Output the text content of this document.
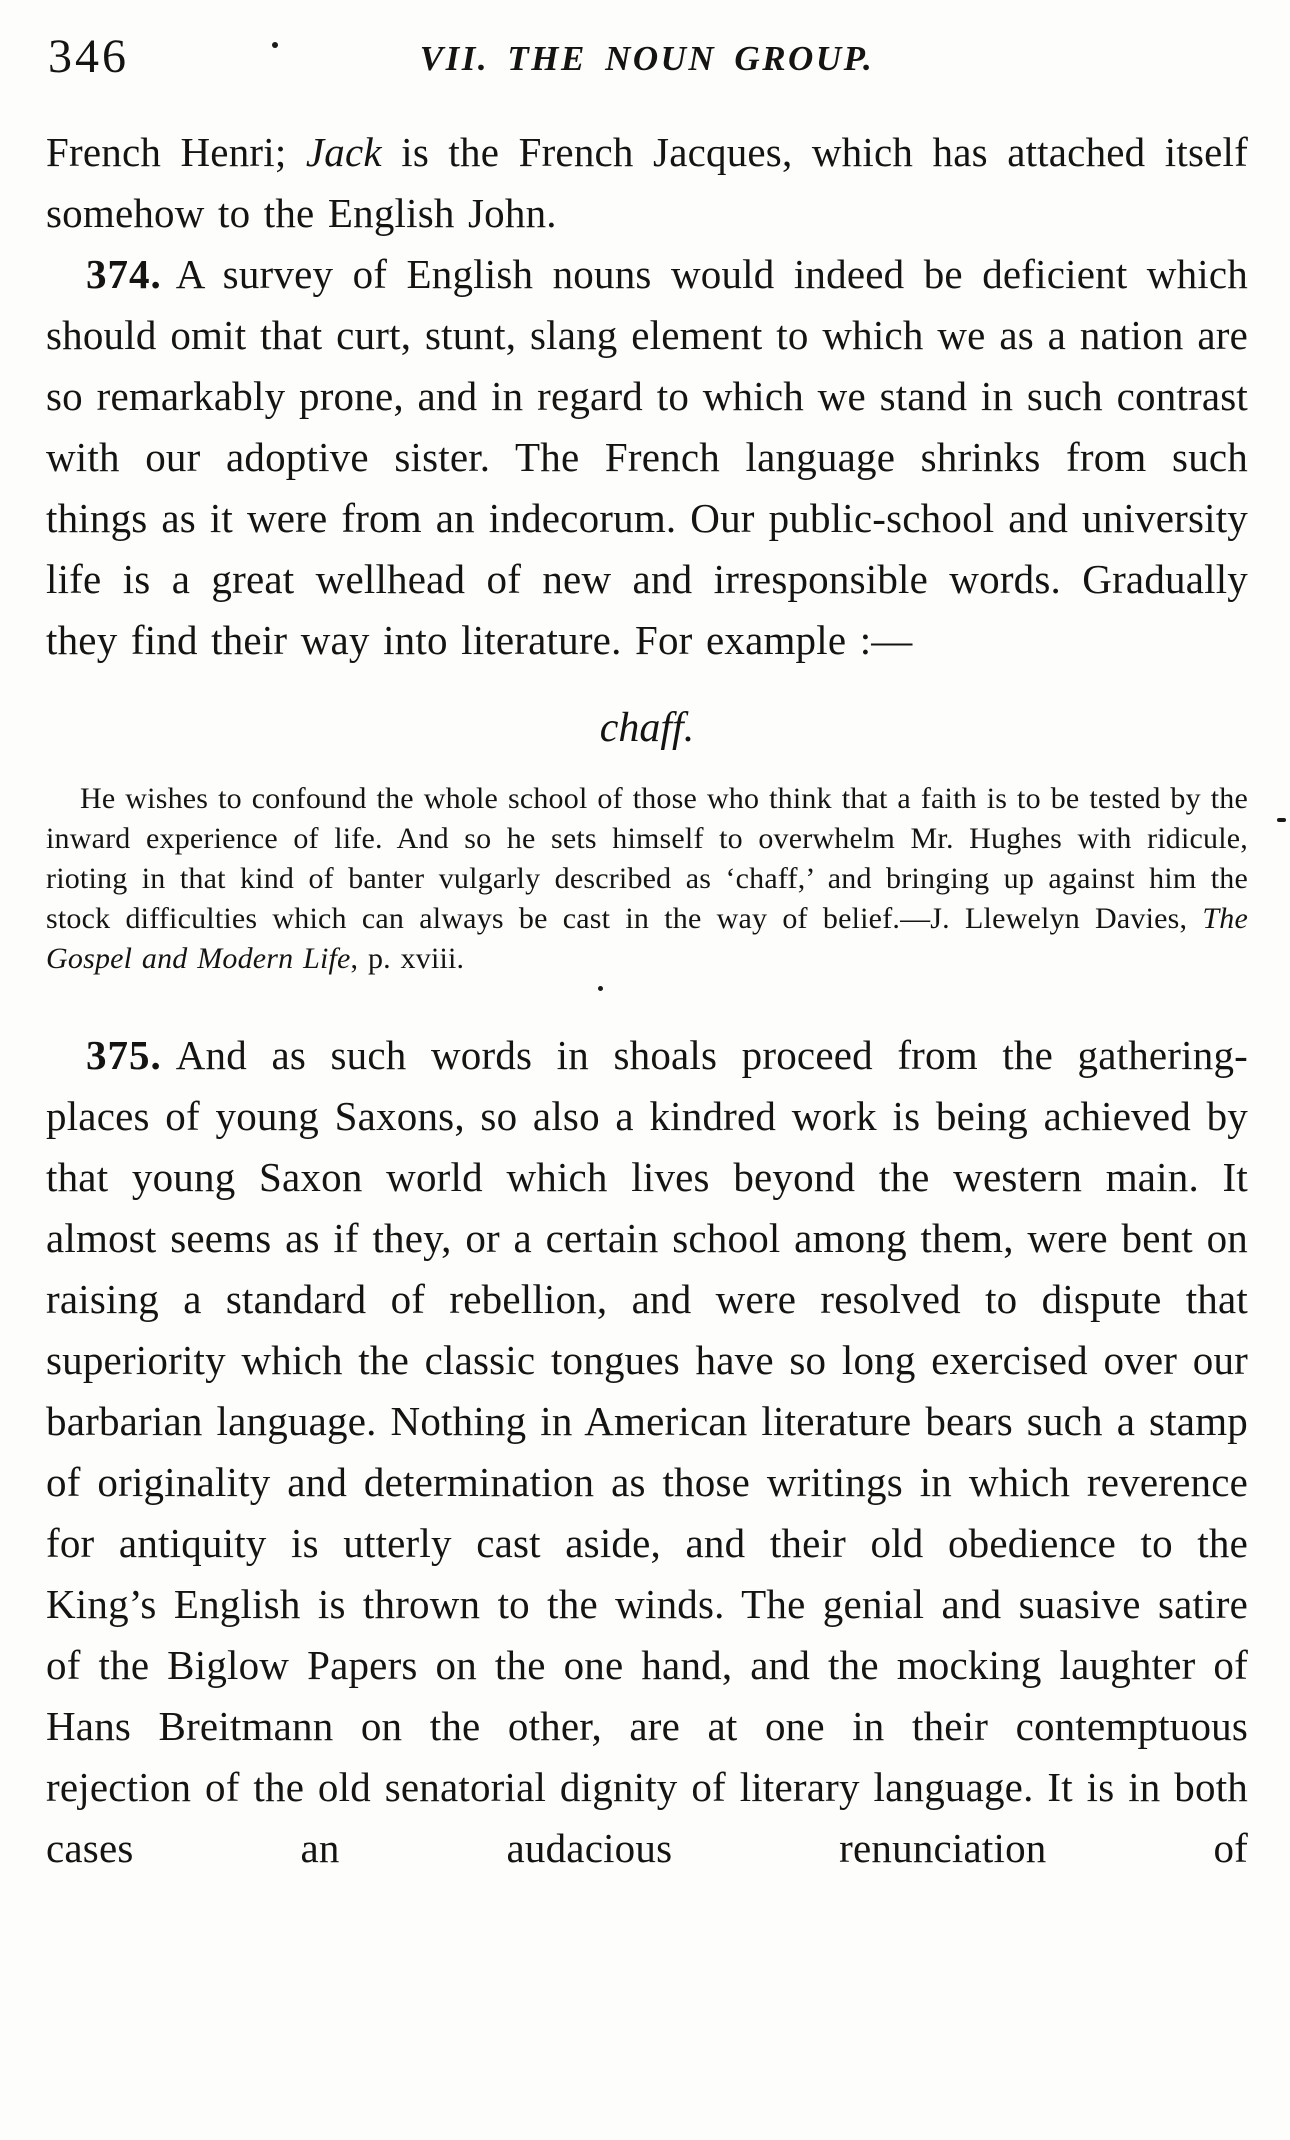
346	VII. THE NOUN GROUP.

French Henri; Jack is the French Jacques, which has attached itself somehow to the English John.

374. A survey of English nouns would indeed be deficient which should omit that curt, stunt, slang element to which we as a nation are so remarkably prone, and in regard to which we stand in such contrast with our adoptive sister. The French language shrinks from such things as it were from an indecorum. Our public-school and university life is a great wellhead of new and irresponsible words. Gradually they find their way into literature. For example :—

chaff.
He wishes to confound the whole school of those who think that a faith is to be tested by the inward experience of life. And so he sets himself to overwhelm Mr. Hughes with ridicule, rioting in that kind of banter vulgarly described as ‘chaff,’ and bringing up against him the stock difficulties which can always be cast in the way of belief.—J. Llewelyn Davies, The Gospel and Modern Life, p. xviii.

375. And as such words in shoals proceed from the gathering-places of young Saxons, so also a kindred work is being achieved by that young Saxon world which lives beyond the western main. It almost seems as if they, or a certain school among them, were bent on raising a standard of rebellion, and were resolved to dispute that superiority which the classic tongues have so long exercised over our barbarian language. Nothing in American literature bears such a stamp of originality and determination as those writings in which reverence for antiquity is utterly cast aside, and their old obedience to the King’s English is thrown to the winds. The genial and suasive satire of the Biglow Papers on the one hand, and the mocking laughter of Hans Breitmann on the other, are at one in their contemptuous rejection of the old senatorial dignity of literary language. It is in both cases an audacious renunciation of
